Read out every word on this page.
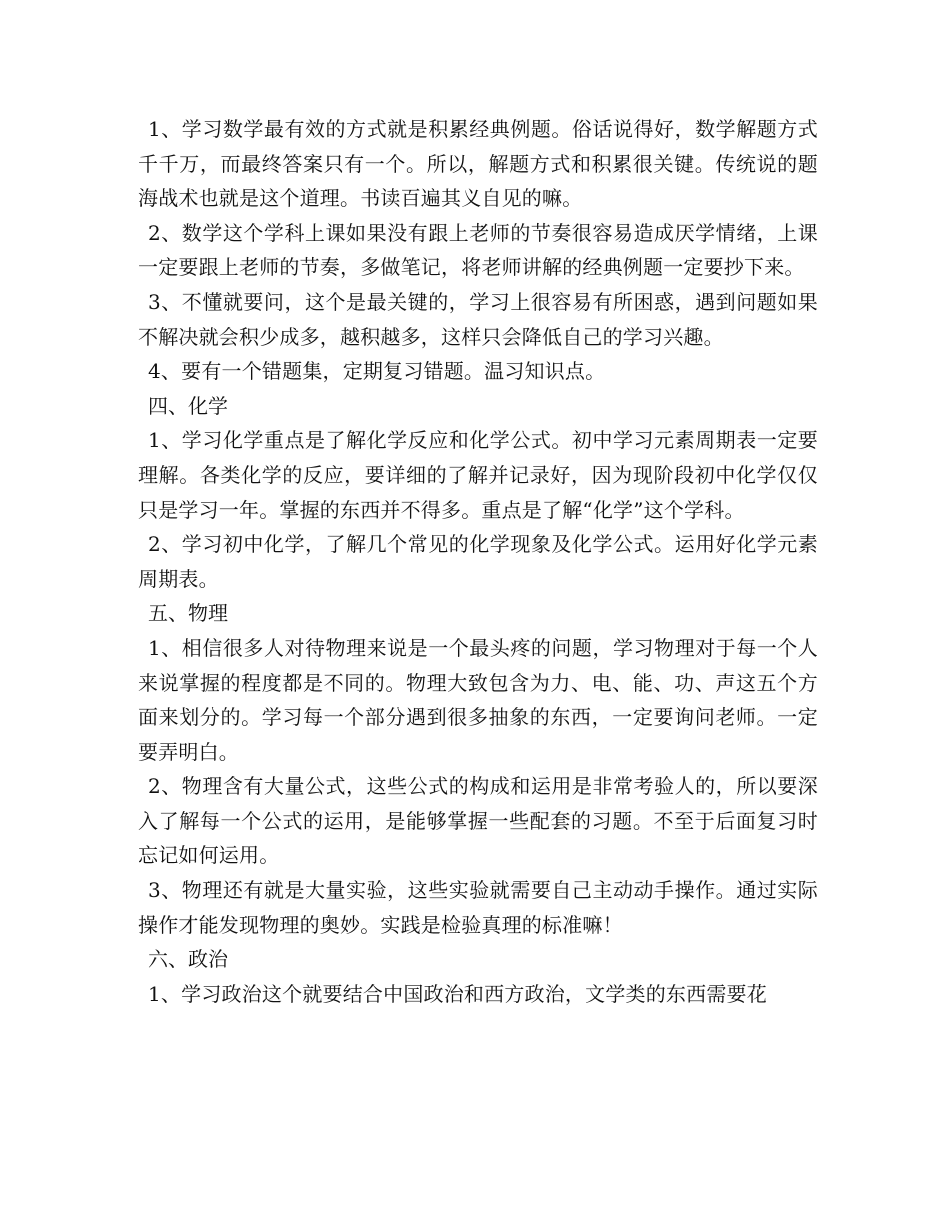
1、学习数学最有效的方式就是积累经典例题。俗话说得好，数学解题方式千千万，而最终答案只有一个。所以，解题方式和积累很关键。传统说的题海战术也就是这个道理。书读百遍其义自见的嘛。

2、数学这个学科上课如果没有跟上老师的节奏很容易造成厌学情绪，上课一定要跟上老师的节奏，多做笔记，将老师讲解的经典例题一定要抄下来。

3、不懂就要问，这个是最关键的，学习上很容易有所困惑，遇到问题如果不解决就会积少成多，越积越多，这样只会降低自己的学习兴趣。

4、要有一个错题集，定期复习错题。温习知识点。

四、化学

1、学习化学重点是了解化学反应和化学公式。初中学习元素周期表一定要理解。各类化学的反应，要详细的了解并记录好，因为现阶段初中化学仅仅只是学习一年。掌握的东西并不得多。重点是了解“化学”这个学科。

2、学习初中化学，了解几个常见的化学现象及化学公式。运用好化学元素周期表。

五、物理

1、相信很多人对待物理来说是一个最头疼的问题，学习物理对于每一个人来说掌握的程度都是不同的。物理大致包含为力、电、能、功、声这五个方面来划分的。学习每一个部分遇到很多抽象的东西，一定要询问老师。一定要弄明白。

2、物理含有大量公式，这些公式的构成和运用是非常考验人的，所以要深入了解每一个公式的运用，是能够掌握一些配套的习题。不至于后面复习时忘记如何运用。

3、物理还有就是大量实验，这些实验就需要自己主动动手操作。通过实际操作才能发现物理的奥妙。实践是检验真理的标准嘛！

六、政治

1、学习政治这个就要结合中国政治和西方政治，文学类的东西需要花
